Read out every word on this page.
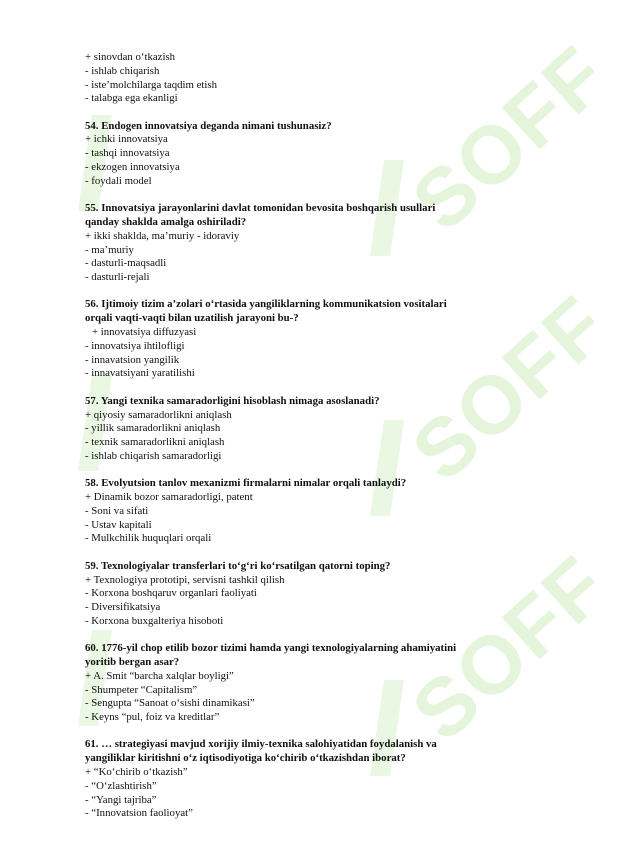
SOFF
SOFF
SOFF
+ sinovdan o‘tkazish
- ishlab chiqarish
- iste’molchilarga taqdim etish
- talabga ega ekanligi
54. Endogen innovatsiya deganda nimani tushunasiz?
+ ichki innovatsiya
- tashqi innovatsiya
- ekzogen innovatsiya
- foydali model
55. Innovatsiya jarayonlarini davlat tomonidan bevosita boshqarish usullari
qanday shaklda amalga oshiriladi?
+ ikki shaklda, ma’muriy - idoraviy
- ma’muriy
- dasturli-maqsadli
- dasturli-rejali
56. Ijtimoiy tizim a’zolari o‘rtasida yangiliklarning kommunikatsion vositalari
orqali vaqti-vaqti bilan uzatilish jarayoni bu-?
+ innovatsiya diffuzyasi
- innovatsiya ihtilofligi
- innavatsion yangilik
- innavatsiyani yaratilishi
57. Yangi texnika samaradorligini hisoblash nimaga asoslanadi?
+ qiyosiy samaradorlikni aniqlash
- yillik samaradorlikni aniqlash
- texnik samaradorlikni aniqlash
- ishlab chiqarish samaradorligi
58. Evolyutsion tanlov mexanizmi firmalarni nimalar orqali tanlaydi?
+ Dinamik bozor samaradorligi, patent
- Soni va sifati
- Ustav kapitali
- Mulkchilik huquqlari orqali
59. Texnologiyalar transferlari to‘g‘ri ko‘rsatilgan qatorni toping?
+ Texnologiya prototipi, servisni tashkil qilish
- Korxona boshqaruv organlari faoliyati
- Diversifikatsiya
- Korxona buxgalteriya hisoboti
60. 1776-yil chop etilib bozor tizimi hamda yangi texnologiyalarning ahamiyatini
yoritib bergan asar?
+ A. Smit “barcha xalqlar boyligi”
- Shumpeter “Capitalism”
- Sengupta “Sanoat o‘sishi dinamikasi”
- Keyns “pul, foiz va kreditlar”
61. … strategiyasi mavjud xorijiy ilmiy-texnika salohiyatidan foydalanish va
yangiliklar kiritishni o‘z iqtisodiyotiga ko‘chirib o‘tkazishdan iborat?
+ “Ko‘chirib o‘tkazish”
- “O‘zlashtirish”
- “Yangi tajriba”
- “Innovatsion faolioyat”
